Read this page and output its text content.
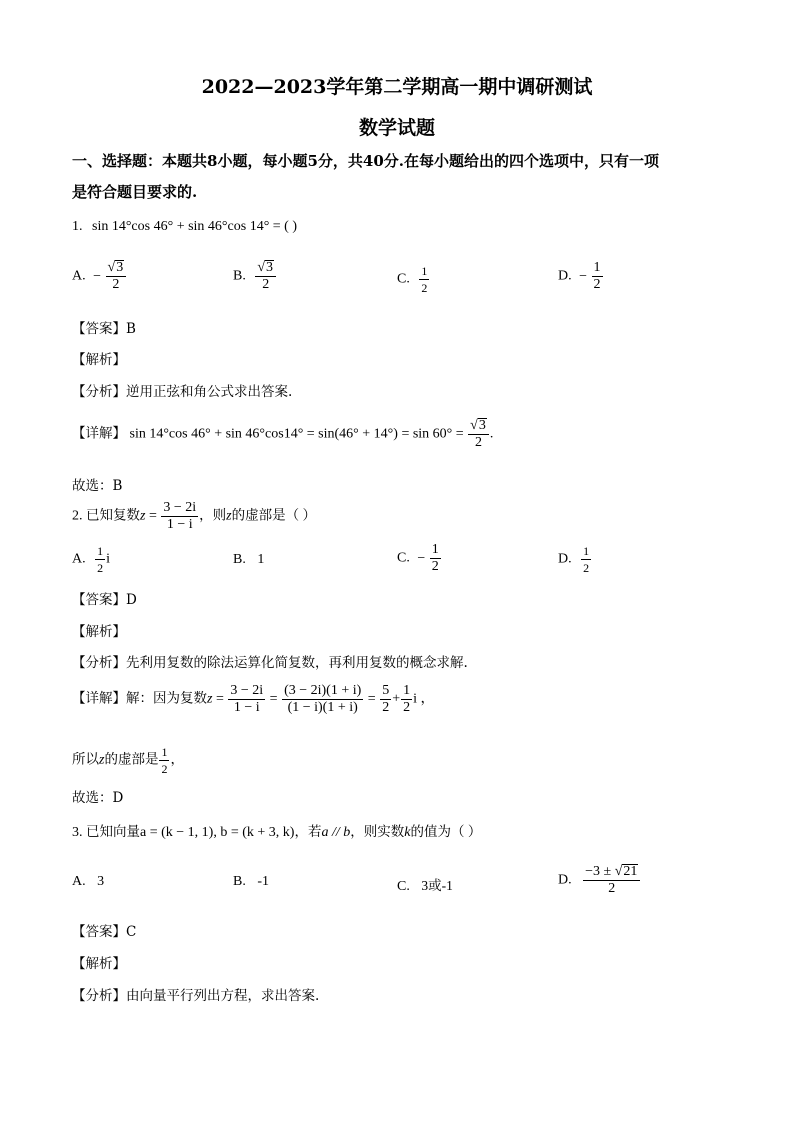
2022—2023学年第二学期高一期中调研测试
数学试题
一、选择题：本题共8小题，每小题5分，共40分.在每小题给出的四个选项中，只有一项
是符合题目要求的.
1. sin 14°cos 46° + sin 46°cos 14° = ( )
A. − $\frac{√3}{2}$	B. $\frac{√3}{2}$	C. $\frac{1}{2}$	D. − $\frac{1}{2}$
【答案】B
【解析】
【分析】逆用正弦和角公式求出答案.
【详解】 sin 14°cos $46^\circ + \sin 46^\circ\cos 14^\circ = \sin(46^\circ + 14^\circ) = \sin 60^\circ = \frac{√3}{2}$ .
故选：B
2. 已知复数$z = \frac{3 - 2i}{1 - i}$ ，则z的虚部是（ ）
A. $\frac{1}{2}$ i	B. 1	C. − $\frac{1}{2}$	D. $\frac{1}{2}$
【答案】D
【解析】
【分析】先利用复数的除法运算化简复数，再利用复数的概念求解.
【详解】解：因为复数$z = \frac{3 - 2i}{1 - i} = \frac{(3 - 2i)(1 + i)}{(1 - i)(1 + i)} = \frac{5}{2} + \frac{1}{2}$ i ，
所以z的虚部是 $\frac{1}{2}$ ，
故选：D
3. 已知向量a = (k − 1, 1), b = (k + 3, k)，若a // b，则实数k的值为（ ）
A. 3	B. -1	C. 3或-1	D. $\frac{-3 \pm √21}{2}$
【答案】C
【解析】
【分析】由向量平行列出方程，求出答案.
